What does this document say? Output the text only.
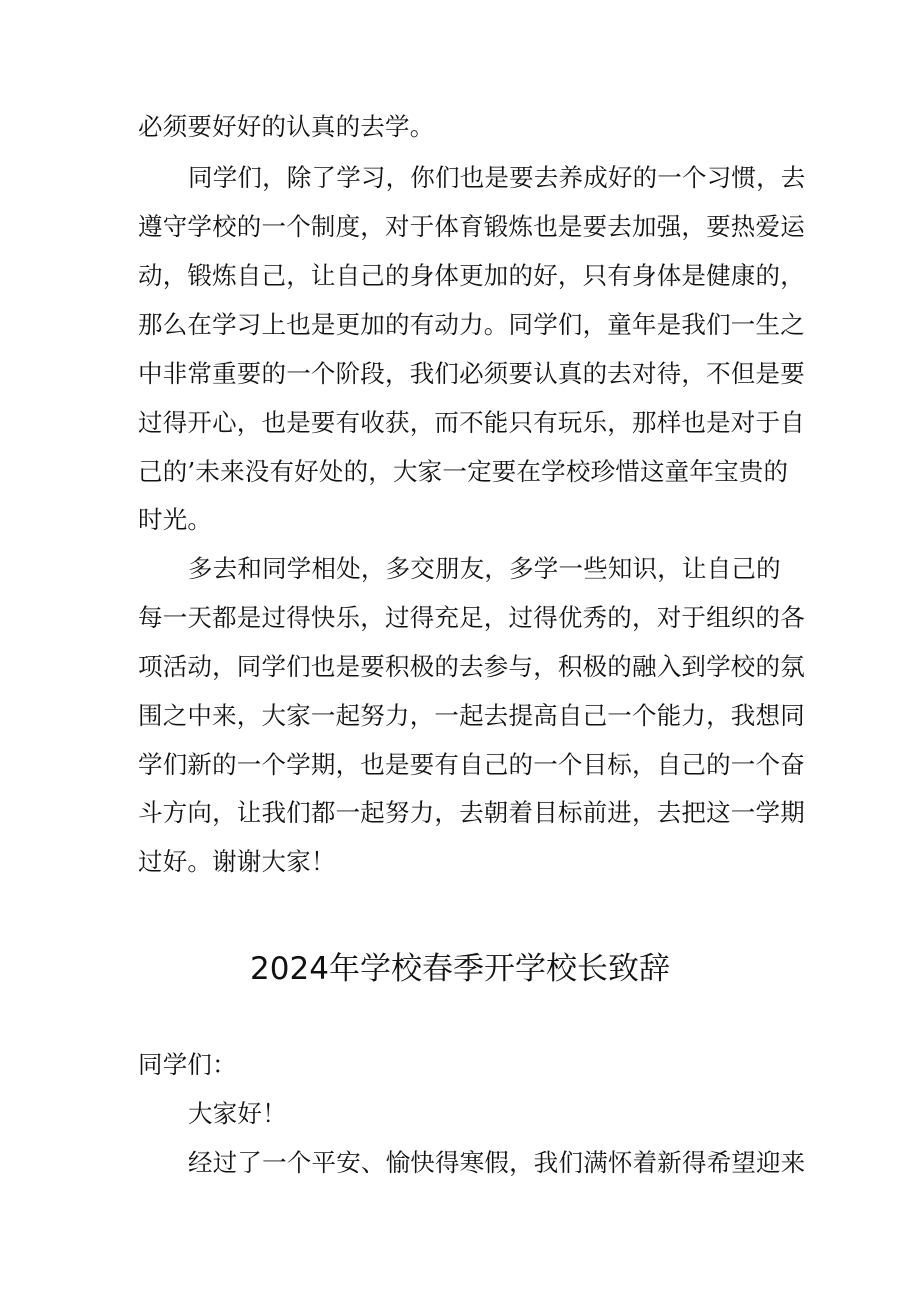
必须要好好的认真的去学。
同学们，除了学习，你们也是要去养成好的一个习惯，去
遵守学校的一个制度，对于体育锻炼也是要去加强，要热爱运
动，锻炼自己，让自己的身体更加的好，只有身体是健康的，
那么在学习上也是更加的有动力。同学们，童年是我们一生之
中非常重要的一个阶段，我们必须要认真的去对待，不但是要
过得开心，也是要有收获，而不能只有玩乐，那样也是对于自
己的’未来没有好处的，大家一定要在学校珍惜这童年宝贵的
时光。
多去和同学相处，多交朋友，多学一些知识，让自己的
每一天都是过得快乐，过得充足，过得优秀的，对于组织的各
项活动，同学们也是要积极的去参与，积极的融入到学校的氛
围之中来，大家一起努力，一起去提高自己一个能力，我想同
学们新的一个学期，也是要有自己的一个目标，自己的一个奋
斗方向，让我们都一起努力，去朝着目标前进，去把这一学期
过好。谢谢大家！
2024年学校春季开学校长致辞
同学们：
大家好！
经过了一个平安、愉快得寒假，我们满怀着新得希望迎来
